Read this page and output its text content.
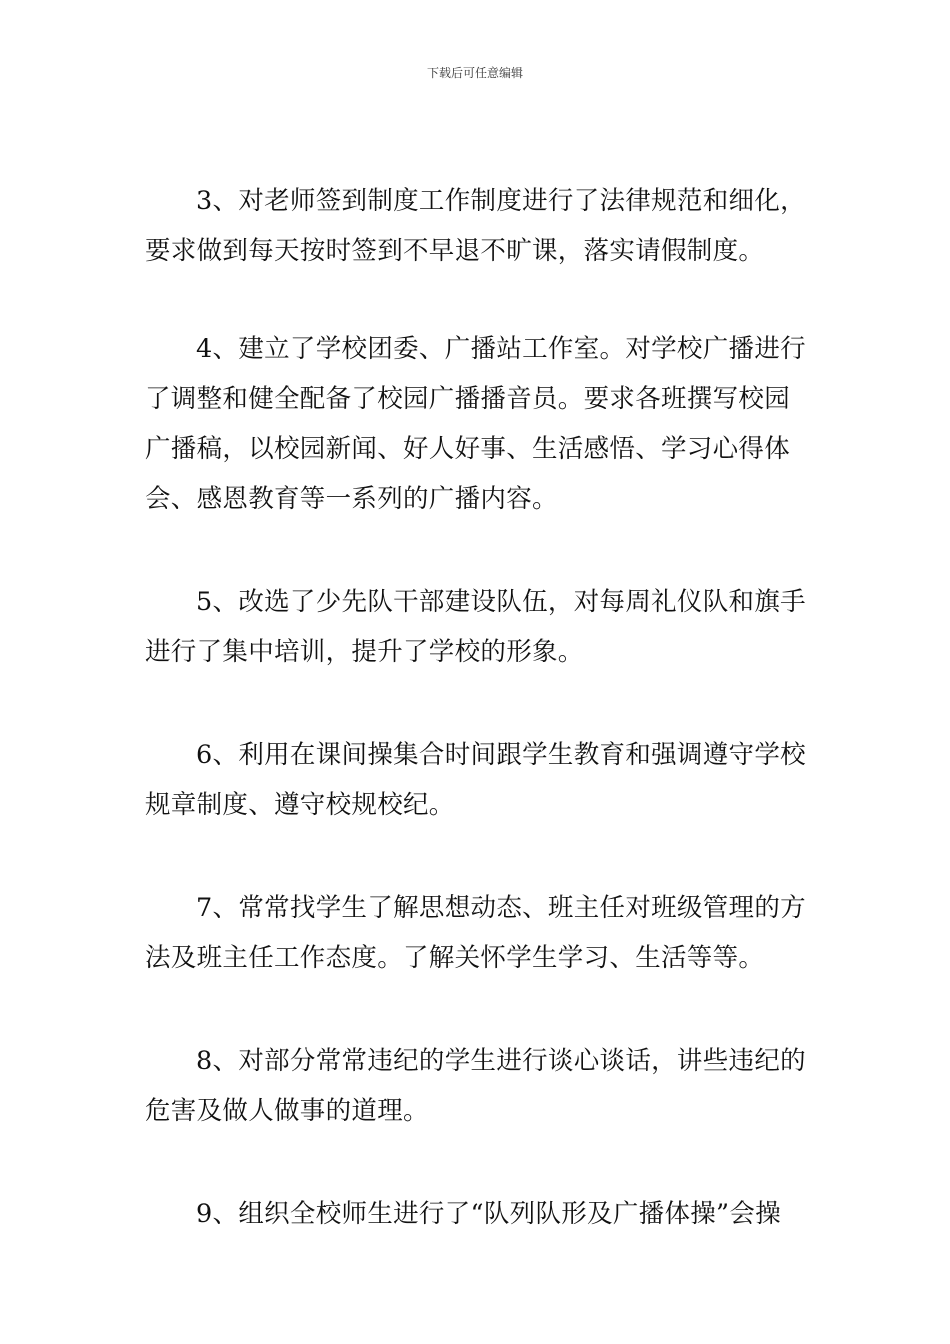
下载后可任意编辑

3、对老师签到制度工作制度进行了法律规范和细化，要求做到每天按时签到不早退不旷课，落实请假制度。

4、建立了学校团委、广播站工作室。对学校广播进行了调整和健全配备了校园广播播音员。要求各班撰写校园广播稿，以校园新闻、好人好事、生活感悟、学习心得体会、感恩教育等一系列的广播内容。

5、改选了少先队干部建设队伍，对每周礼仪队和旗手进行了集中培训，提升了学校的形象。

6、利用在课间操集合时间跟学生教育和强调遵守学校规章制度、遵守校规校纪。

7、常常找学生了解思想动态、班主任对班级管理的方法及班主任工作态度。了解关怀学生学习、生活等等。

8、对部分常常违纪的学生进行谈心谈话，讲些违纪的危害及做人做事的道理。

9、组织全校师生进行了“队列队形及广播体操”会操
